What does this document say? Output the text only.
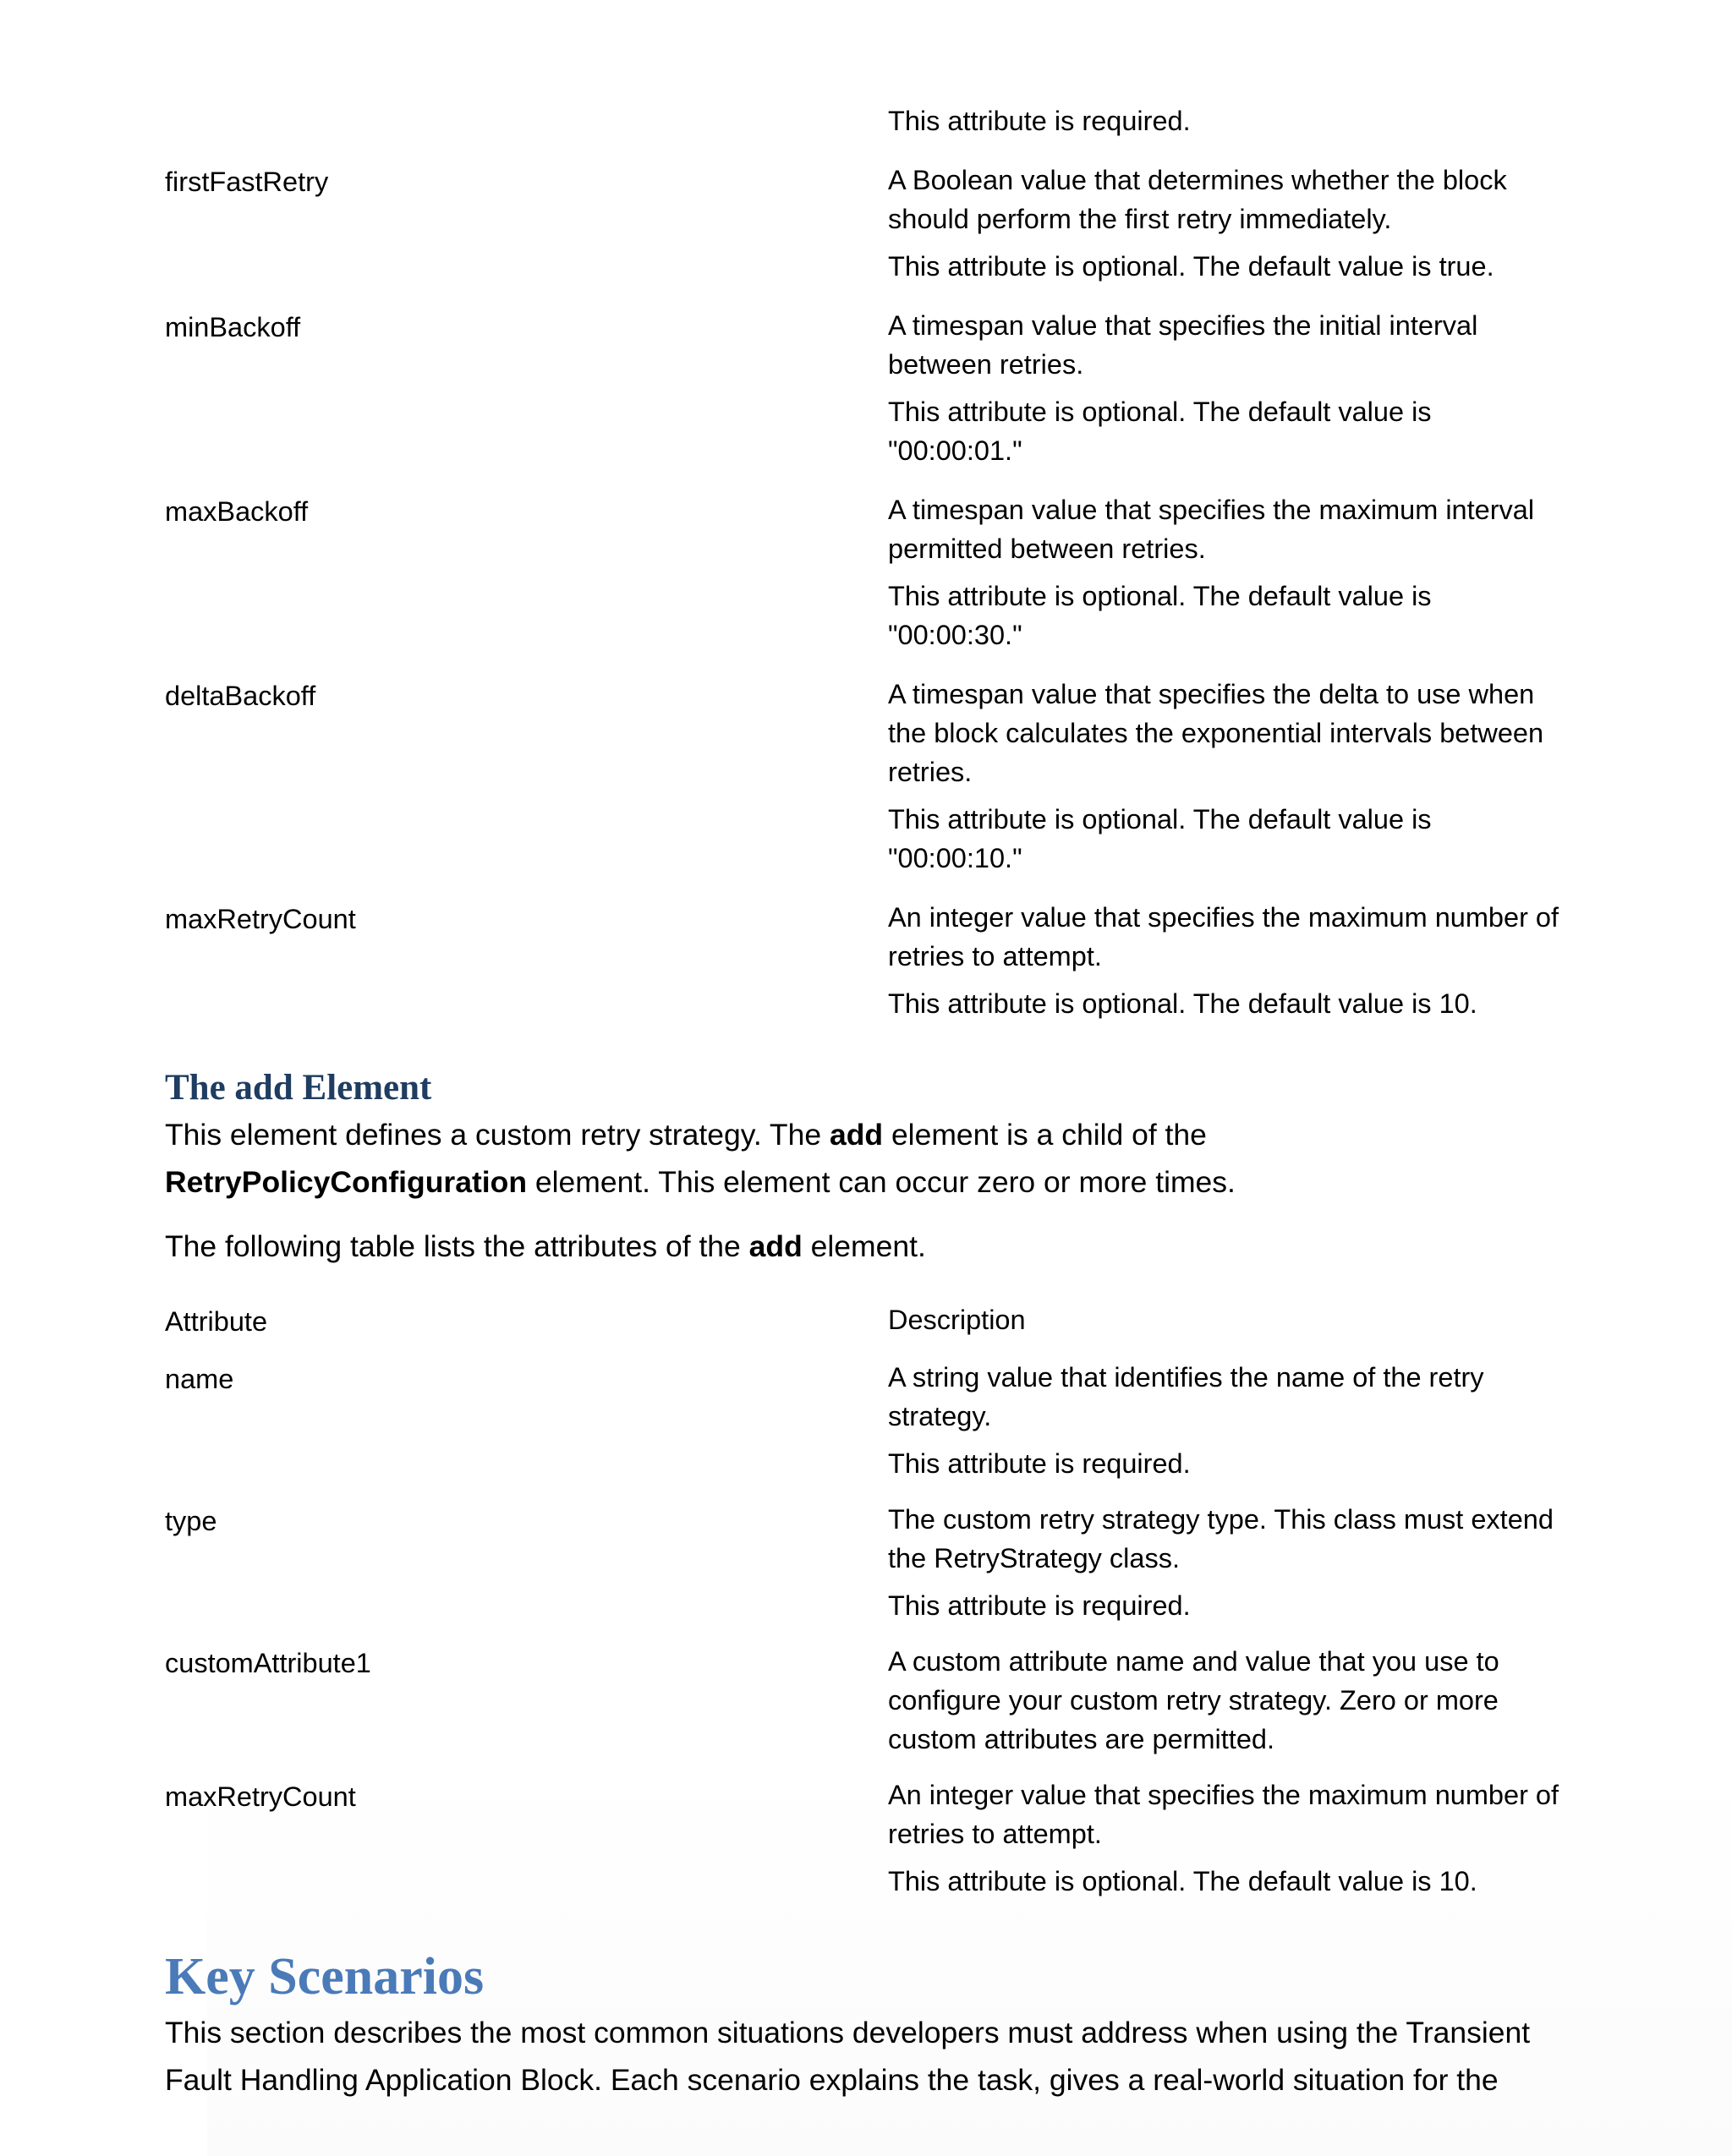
	This attribute is required.

firstFastRetry	A Boolean value that determines whether the block should perform the first retry immediately.

This attribute is optional. The default value is true.

minBackoff	A timespan value that specifies the initial interval between retries.

This attribute is optional. The default value is "00:00:01."

maxBackoff	A timespan value that specifies the maximum interval permitted between retries.

This attribute is optional. The default value is "00:00:30."

deltaBackoff	A timespan value that specifies the delta to use when the block calculates the exponential intervals between retries.

This attribute is optional. The default value is "00:00:10."

maxRetryCount	An integer value that specifies the maximum number of retries to attempt.

This attribute is optional. The default value is 10.

The add Element

This element defines a custom retry strategy. The add element is a child of the RetryPolicyConfiguration element. This element can occur zero or more times.

The following table lists the attributes of the add element.

Attribute	Description
name	A string value that identifies the name of the retry strategy.

This attribute is required.

type	The custom retry strategy type. This class must extend the RetryStrategy class.

This attribute is required.

customAttribute1	A custom attribute name and value that you use to configure your custom retry strategy. Zero or more custom attributes are permitted.

maxRetryCount	An integer value that specifies the maximum number of retries to attempt.

This attribute is optional. The default value is 10.

Key Scenarios

This section describes the most common situations developers must address when using the Transient Fault Handling Application Block. Each scenario explains the task, gives a real-world situation for the
